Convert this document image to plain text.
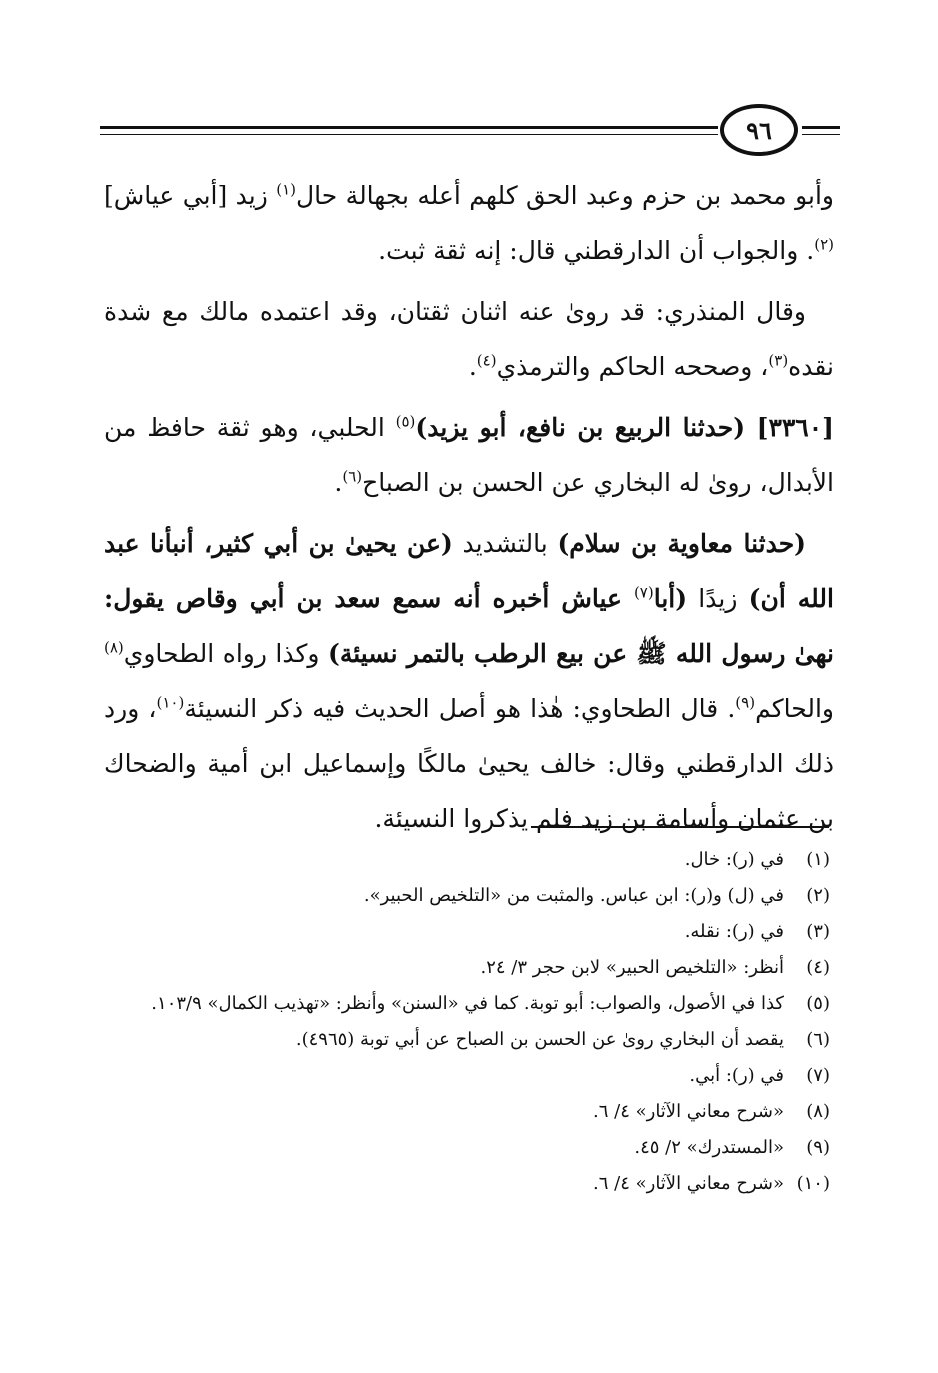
٩٦

وأبو محمد بن حزم وعبد الحق كلهم أعله بجهالة حال$^{(١)}$ زيد [أبي عياش]$^{(٢)}$. والجواب أن الدارقطني قال: إنه ثقة ثبت.

وقال المنذري: قد روىٰ عنه اثنان ثقتان، وقد اعتمده مالك مع شدة نقده$^{(٣)}$، وصححه الحاكم والترمذي$^{(٤)}$.

[٣٣٦٠] (حدثنا الربيع بن نافع، أبو يزيد)$^{(٥)}$ الحلبي، وهو ثقة حافظ من الأبدال، روىٰ له البخاري عن الحسن بن الصباح$^{(٦)}$.

(حدثنا معاوية بن سلام) بالتشديد (عن يحيىٰ بن أبي كثير، أنبأنا عبد الله أن) زيدًا (أبا$^{(٧)}$ عياش أخبره أنه سمع سعد بن أبي وقاص يقول: نهىٰ رسول الله ﷺ عن بيع الرطب بالتمر نسيئة) وكذا رواه الطحاوي$^{(٨)}$ والحاكم$^{(٩)}$. قال الطحاوي: هٰذا هو أصل الحديث فيه ذكر النسيئة$^{(١٠)}$، ورد ذلك الدارقطني وقال: خالف يحيىٰ مالكًا وإسماعيل ابن أمية والضحاك بن عثمان وأسامة بن زيد فلم يذكروا النسيئة.

(١)
في (ر): خال.
(٢)
في (ل) و(ر): ابن عباس. والمثبت من «التلخيص الحبير».
(٣)
في (ر): نقله.
(٤)
أنظر: «التلخيص الحبير» لابن حجر ٣/ ٢٤.
(٥)
كذا في الأصول، والصواب: أبو توبة. كما في «السنن» وأنظر: «تهذيب الكمال» ١٠٣/٩.
(٦)
يقصد أن البخاري روىٰ عن الحسن بن الصباح عن أبي توبة (٤٩٦٥).
(٧)
في (ر): أبي.
(٨)
«شرح معاني الآثار» ٤/ ٦.
(٩)
«المستدرك» ٢/ ٤٥.
(١٠)
«شرح معاني الآثار» ٤/ ٦.
